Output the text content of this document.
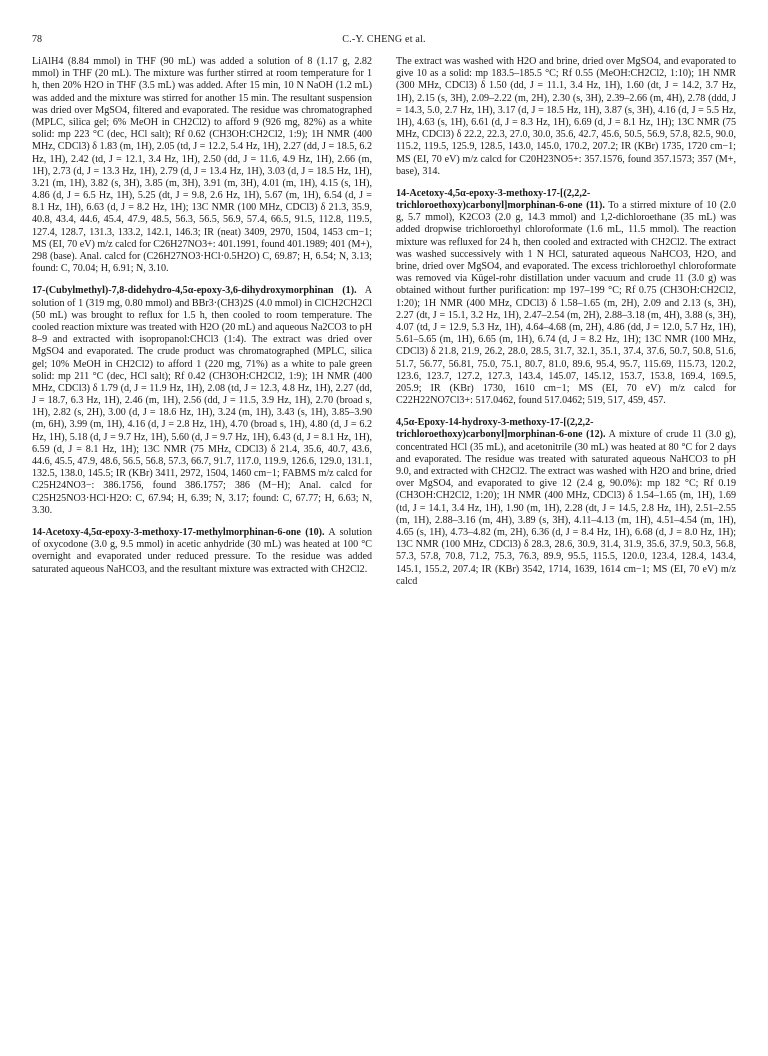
78	C.-Y. CHENG et al.

LiAlH4 (8.84 mmol) in THF (90 mL) was added a solution of 8 (1.17 g, 2.82 mmol) in THF (20 mL). The mixture was further stirred at room temperature for 1 h, then 20% H2O in THF (3.5 mL) was added. After 15 min, 10 N NaOH (1.2 mL) was added and the mixture was stirred for another 15 min. The resultant suspension was dried over MgSO4, filtered and evaporated. The residue was chromatographed (MPLC, silica gel; 6% MeOH in CH2Cl2) to afford 9 (926 mg, 82%) as a white solid: mp 223 °C (dec, HCl salt); Rf 0.62 (CH3OH:CH2Cl2, 1:9); 1H NMR (400 MHz, CDCl3) δ 1.83 (m, 1H), 2.05 (td, J = 12.2, 5.4 Hz, 1H), 2.27 (dd, J = 18.5, 6.2 Hz, 1H), 2.42 (td, J = 12.1, 3.4 Hz, 1H), 2.50 (dd, J = 11.6, 4.9 Hz, 1H), 2.66 (m, 1H), 2.73 (d, J = 13.3 Hz, 1H), 2.79 (d, J = 13.4 Hz, 1H), 3.03 (d, J = 18.5 Hz, 1H), 3.21 (m, 1H), 3.82 (s, 3H), 3.85 (m, 3H), 3.91 (m, 3H), 4.01 (m, 1H), 4.15 (s, 1H), 4.86 (d, J = 6.5 Hz, 1H), 5.25 (dt, J = 9.8, 2.6 Hz, 1H), 5.67 (m, 1H), 6.54 (d, J = 8.1 Hz, 1H), 6.63 (d, J = 8.2 Hz, 1H); 13C NMR (100 MHz, CDCl3) δ 21.3, 35.9, 40.8, 43.4, 44.6, 45.4, 47.9, 48.5, 56.3, 56.5, 56.9, 57.4, 66.5, 91.5, 112.8, 119.5, 127.4, 128.7, 131.3, 133.2, 142.1, 146.3; IR (neat) 3409, 2970, 1504, 1453 cm−1; MS (EI, 70 eV) m/z calcd for C26H27NO3+: 401.1991, found 401.1989; 401 (M+), 298 (base). Anal. calcd for (C26H27NO3·HCl·0.5H2O) C, 69.87; H, 6.54; N, 3.13; found: C, 70.04; H, 6.91; N, 3.10.

17-(Cubylmethyl)-7,8-didehydro-4,5α-epoxy-3,6-dihydroxymorphinan (1). A solution of 1 (319 mg, 0.80 mmol) and BBr3·(CH3)2S (4.0 mmol) in ClCH2CH2Cl (50 mL) was brought to reflux for 1.5 h, then cooled to room temperature. The cooled reaction mixture was treated with H2O (20 mL) and aqueous Na2CO3 to pH 8–9 and extracted with isopropanol:CHCl3 (1:4). The extract was dried over MgSO4 and evaporated. The crude product was chromatographed (MPLC, silica gel; 10% MeOH in CH2Cl2) to afford 1 (220 mg, 71%) as a white to pale green solid: mp 211 °C (dec, HCl salt); Rf 0.42 (CH3OH:CH2Cl2, 1:9); 1H NMR (400 MHz, CDCl3) δ 1.79 (d, J = 11.9 Hz, 1H), 2.08 (td, J = 12.3, 4.8 Hz, 1H), 2.27 (dd, J = 18.7, 6.3 Hz, 1H), 2.46 (m, 1H), 2.56 (dd, J = 11.5, 3.9 Hz, 1H), 2.70 (broad s, 1H), 2.82 (s, 2H), 3.00 (d, J = 18.6 Hz, 1H), 3.24 (m, 1H), 3.43 (s, 1H), 3.85–3.90 (m, 6H), 3.99 (m, 1H), 4.16 (d, J = 2.8 Hz, 1H), 4.70 (broad s, 1H), 4.80 (d, J = 6.2 Hz, 1H), 5.18 (d, J = 9.7 Hz, 1H), 5.60 (d, J = 9.7 Hz, 1H), 6.43 (d, J = 8.1 Hz, 1H), 6.59 (d, J = 8.1 Hz, 1H); 13C NMR (75 MHz, CDCl3) δ 21.4, 35.6, 40.7, 43.6, 44.6, 45.5, 47.9, 48.6, 56.5, 56.8, 57.3, 66.7, 91.7, 117.0, 119.9, 126.6, 129.0, 131.1, 132.5, 138.0, 145.5; IR (KBr) 3411, 2972, 1504, 1460 cm−1; FABMS m/z calcd for C25H24NO3−: 386.1756, found 386.1757; 386 (M−H); Anal. calcd for C25H25NO3·HCl·H2O: C, 67.94; H, 6.39; N, 3.17; found: C, 67.77; H, 6.63; N, 3.30.

14-Acetoxy-4,5α-epoxy-3-methoxy-17-methylmorphinan-6-one (10). A solution of oxycodone (3.0 g, 9.5 mmol) in acetic anhydride (30 mL) was heated at 100 °C overnight and evaporated under reduced pressure. To the residue was added saturated aqueous NaHCO3, and the resultant mixture was extracted with CH2Cl2.

The extract was washed with H2O and brine, dried over MgSO4, and evaporated to give 10 as a solid: mp 183.5–185.5 °C; Rf 0.55 (MeOH:CH2Cl2, 1:10); 1H NMR (300 MHz, CDCl3) δ 1.50 (dd, J = 11.1, 3.4 Hz, 1H), 1.60 (dt, J = 14.2, 3.7 Hz, 1H), 2.15 (s, 3H), 2.09–2.22 (m, 2H), 2.30 (s, 3H), 2.39–2.66 (m, 4H), 2.78 (ddd, J = 14.3, 5.0, 2.7 Hz, 1H), 3.17 (d, J = 18.5 Hz, 1H), 3.87 (s, 3H), 4.16 (d, J = 5.5 Hz, 1H), 4.63 (s, 1H), 6.61 (d, J = 8.3 Hz, 1H), 6.69 (d, J = 8.1 Hz, 1H); 13C NMR (75 MHz, CDCl3) δ 22.2, 22.3, 27.0, 30.0, 35.6, 42.7, 45.6, 50.5, 56.9, 57.8, 82.5, 90.0, 115.2, 119.5, 125.9, 128.5, 143.0, 145.0, 170.2, 207.2; IR (KBr) 1735, 1720 cm−1; MS (EI, 70 eV) m/z calcd for C20H23NO5+: 357.1576, found 357.1573; 357 (M+, base), 314.

14-Acetoxy-4,5α-epoxy-3-methoxy-17-[(2,2,2-trichloroethoxy)carbonyl]morphinan-6-one (11). To a stirred mixture of 10 (2.0 g, 5.7 mmol), K2CO3 (2.0 g, 14.3 mmol) and 1,2-dichloroethane (35 mL) was added dropwise trichloroethyl chloroformate (1.6 mL, 11.5 mmol). The reaction mixture was refluxed for 24 h, then cooled and extracted with CH2Cl2. The extract was washed successively with 1 N HCl, saturated aqueous NaHCO3, H2O, and brine, dried over MgSO4, and evaporated. The excess trichloroethyl chloroformate was removed via Kügel-rohr distillation under vacuum and crude 11 (3.0 g) was obtained without further purification: mp 197–199 °C; Rf 0.75 (CH3OH:CH2Cl2, 1:20); 1H NMR (400 MHz, CDCl3) δ 1.58–1.65 (m, 2H), 2.09 and 2.13 (s, 3H), 2.27 (dt, J = 15.1, 3.2 Hz, 1H), 2.47–2.54 (m, 2H), 2.88–3.18 (m, 4H), 3.88 (s, 3H), 4.07 (td, J = 12.9, 5.3 Hz, 1H), 4.64–4.68 (m, 2H), 4.86 (dd, J = 12.0, 5.7 Hz, 1H), 5.61–5.65 (m, 1H), 6.65 (m, 1H), 6.74 (d, J = 8.2 Hz, 1H); 13C NMR (100 MHz, CDCl3) δ 21.8, 21.9, 26.2, 28.0, 28.5, 31.7, 32.1, 35.1, 37.4, 37.6, 50.7, 50.8, 51.6, 51.7, 56.77, 56.81, 75.0, 75.1, 80.7, 81.0, 89.6, 95.4, 95.7, 115.69, 115.73, 120.2, 123.6, 123.7, 127.2, 127.3, 143.4, 145.07, 145.12, 153.7, 153.8, 169.4, 169.5, 205.9; IR (KBr) 1730, 1610 cm−1; MS (EI, 70 eV) m/z calcd for C22H22NO7Cl3+: 517.0462, found 517.0462; 519, 517, 459, 457.

4,5α-Epoxy-14-hydroxy-3-methoxy-17-[(2,2,2-trichloroethoxy)carbonyl]morphinan-6-one (12). A mixture of crude 11 (3.0 g), concentrated HCl (35 mL), and acetonitrile (30 mL) was heated at 80 °C for 2 days and evaporated. The residue was treated with saturated aqueous NaHCO3 to pH 9.0, and extracted with CH2Cl2. The extract was washed with H2O and brine, dried over MgSO4, and evaporated to give 12 (2.4 g, 90.0%): mp 182 °C; Rf 0.19 (CH3OH:CH2Cl2, 1:20); 1H NMR (400 MHz, CDCl3) δ 1.54–1.65 (m, 1H), 1.69 (td, J = 14.1, 3.4 Hz, 1H), 1.90 (m, 1H), 2.28 (dt, J = 14.5, 2.8 Hz, 1H), 2.51–2.55 (m, 1H), 2.88–3.16 (m, 4H), 3.89 (s, 3H), 4.11–4.13 (m, 1H), 4.51–4.54 (m, 1H), 4.65 (s, 1H), 4.73–4.82 (m, 2H), 6.36 (d, J = 8.4 Hz, 1H), 6.68 (d, J = 8.0 Hz, 1H); 13C NMR (100 MHz, CDCl3) δ 28.3, 28.6, 30.9, 31.4, 31.9, 35.6, 37.9, 50.3, 56.8, 57.3, 57.8, 70.8, 71.2, 75.3, 76.3, 89.9, 95.5, 115.5, 120.0, 123.4, 128.4, 143.4, 145.1, 155.2, 207.4; IR (KBr) 3542, 1714, 1639, 1614 cm−1; MS (EI, 70 eV) m/z calcd
